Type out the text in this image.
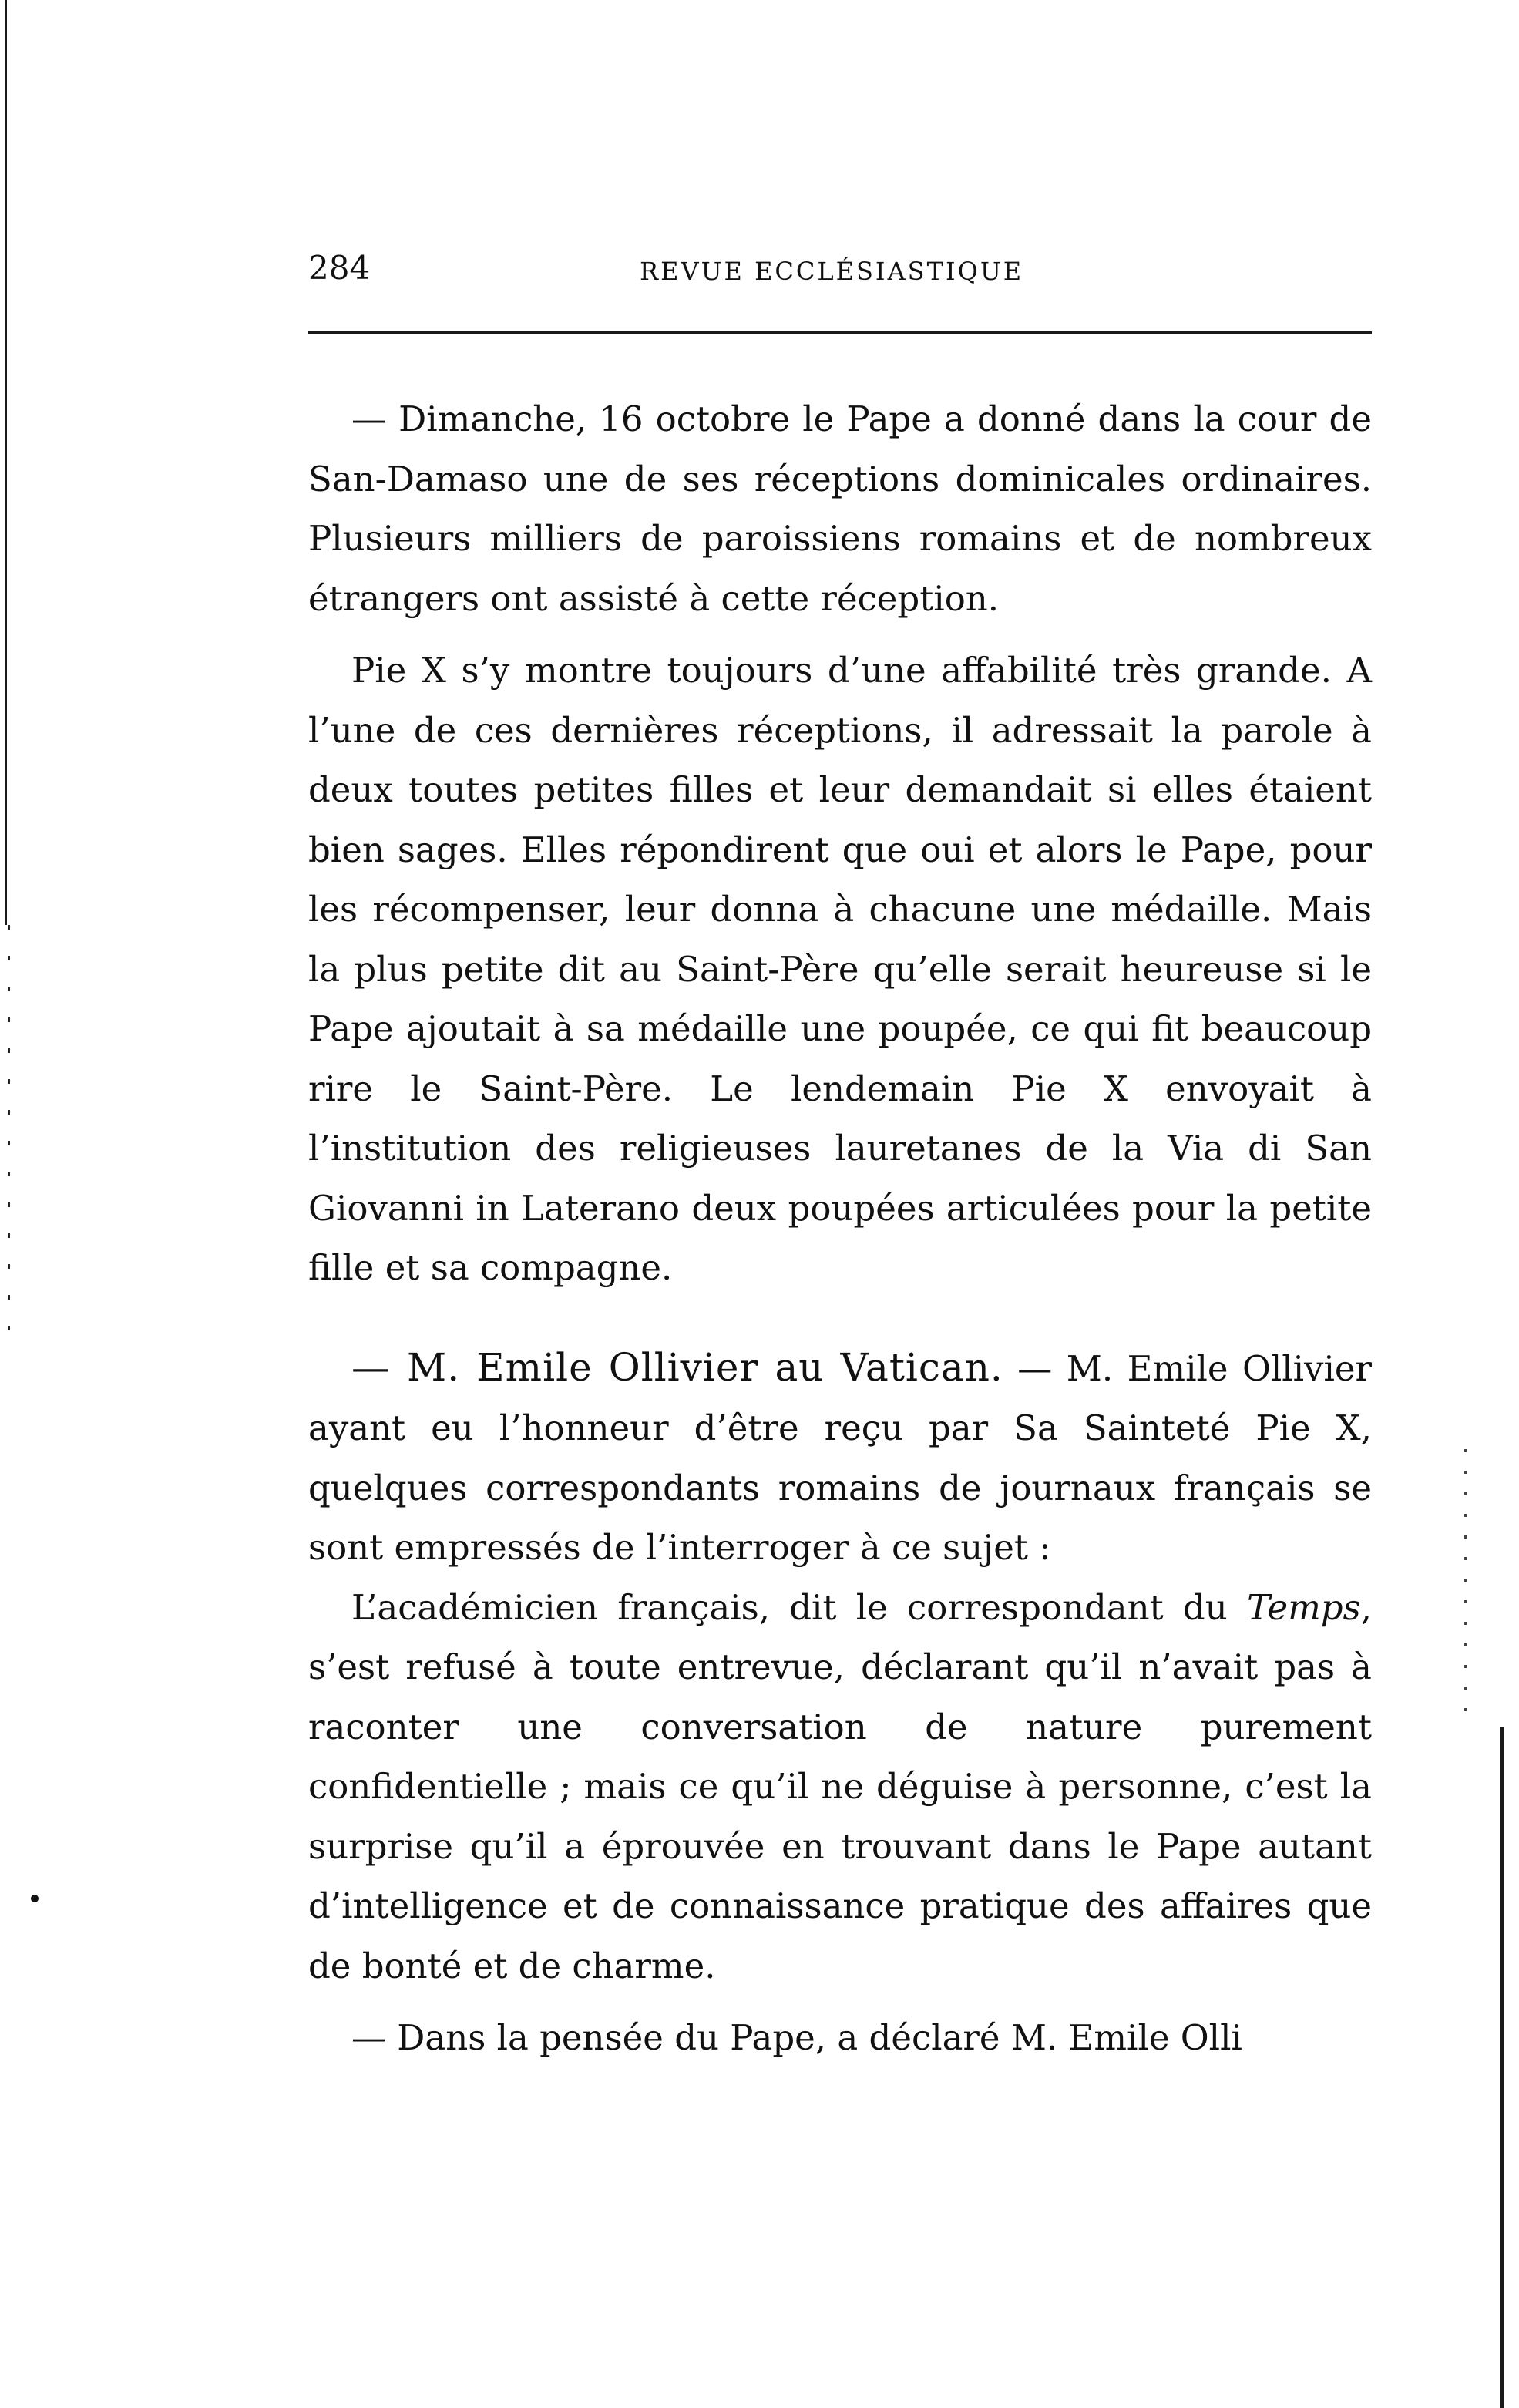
284	REVUE ECCLÉSIASTIQUE

— Dimanche, 16 octobre le Pape a donné dans la cour de San-Damaso une de ses réceptions dominicales ordinaires. Plusieurs milliers de paroissiens romains et de nombreux étrangers ont assisté à cette réception.

Pie X s’y montre toujours d’une affabilité très grande. A l’une de ces dernières réceptions, il adressait la parole à deux toutes petites filles et leur demandait si elles étaient bien sages. Elles répondirent que oui et alors le Pape, pour les récompenser, leur donna à chacune une médaille. Mais la plus petite dit au Saint-Père qu’elle serait heureuse si le Pape ajoutait à sa médaille une poupée, ce qui fit beaucoup rire le Saint-Père. Le lendemain Pie X envoyait à l’institution des religieuses lauretanes de la Via di San Giovanni in Laterano deux poupées articulées pour la petite fille et sa compagne.

— M. Emile Ollivier au Vatican. — M. Emile Ollivier ayant eu l’honneur d’être reçu par Sa Sainteté Pie X, quelques correspondants romains de journaux français se sont empressés de l’interroger à ce sujet :

L’académicien français, dit le correspondant du Temps, s’est refusé à toute entrevue, déclarant qu’il n’avait pas à raconter une conversation de nature purement confidentielle ; mais ce qu’il ne déguise à personne, c’est la surprise qu’il a éprouvée en trouvant dans le Pape autant d’intelligence et de connaissance pratique des affaires que de bonté et de charme.

— Dans la pensée du Pape, a déclaré M. Emile Olli
